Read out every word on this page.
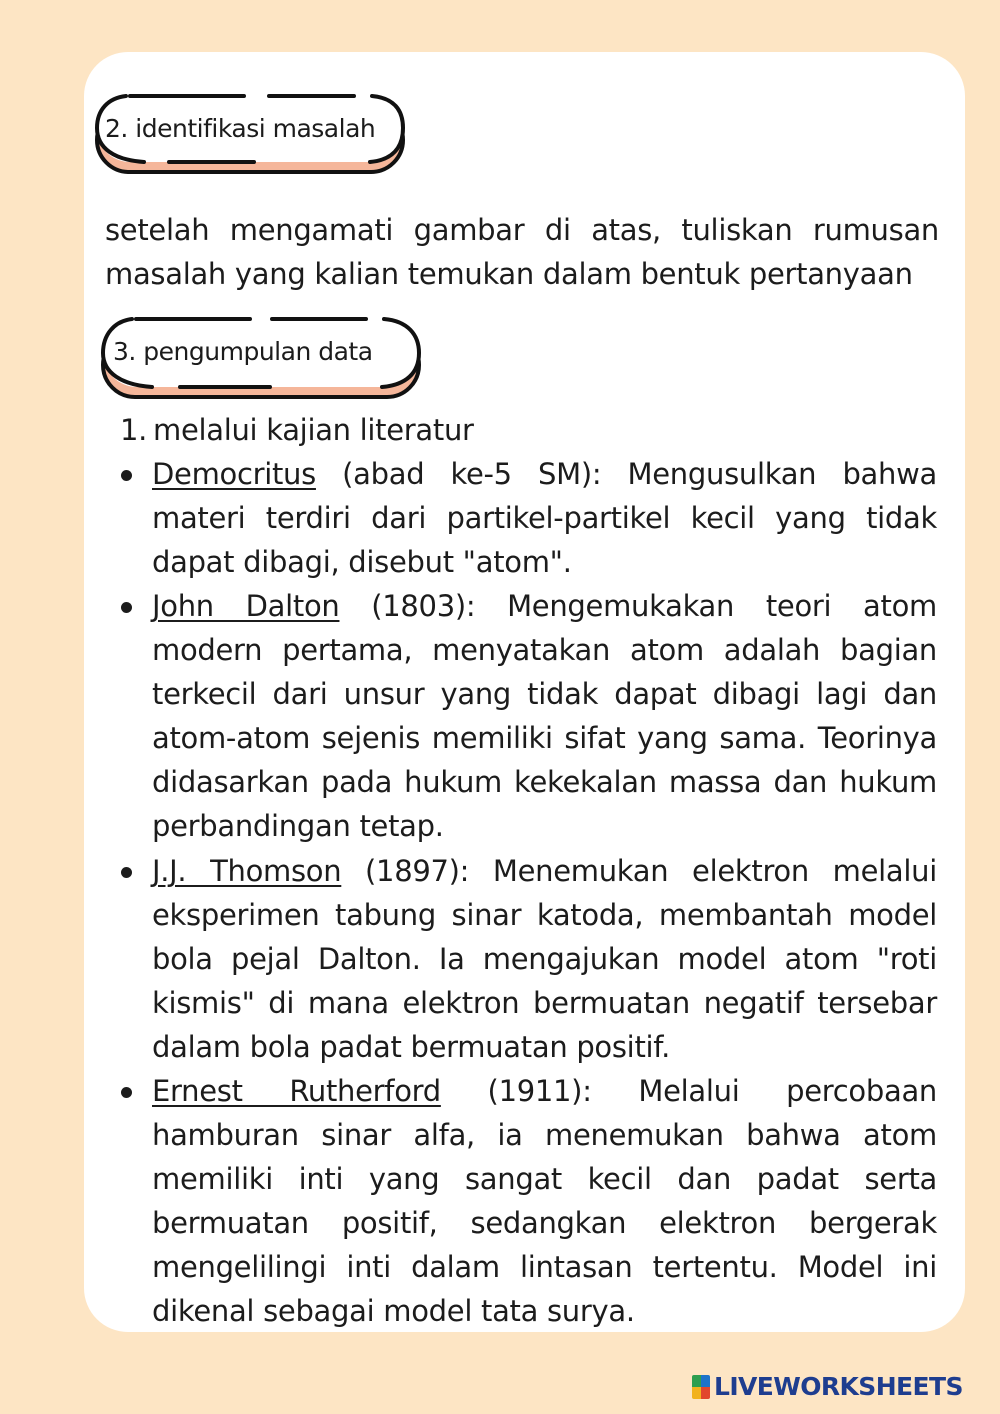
2. identifikasi masalah

setelah mengamati gambar di atas, tuliskan rumusan masalah yang kalian temukan dalam bentuk pertanyaan

3. pengumpulan data
1. melalui kajian literatur

Democritus (abad ke-5 SM): Mengusulkan bahwa materi terdiri dari partikel-partikel kecil yang tidak dapat dibagi, disebut "atom".

John Dalton (1803): Mengemukakan teori atom modern pertama, menyatakan atom adalah bagian terkecil dari unsur yang tidak dapat dibagi lagi dan atom-atom sejenis memiliki sifat yang sama. Teorinya didasarkan pada hukum kekekalan massa dan hukum perbandingan tetap.

J.J. Thomson (1897): Menemukan elektron melalui eksperimen tabung sinar katoda, membantah model bola pejal Dalton. Ia mengajukan model atom "roti kismis" di mana elektron bermuatan negatif tersebar dalam bola padat bermuatan positif.

Ernest Rutherford (1911): Melalui percobaan hamburan sinar alfa, ia menemukan bahwa atom memiliki inti yang sangat kecil dan padat serta bermuatan positif, sedangkan elektron bergerak mengelilingi inti dalam lintasan tertentu. Model ini dikenal sebagai model tata surya.

LIVEWORKSHEETS
